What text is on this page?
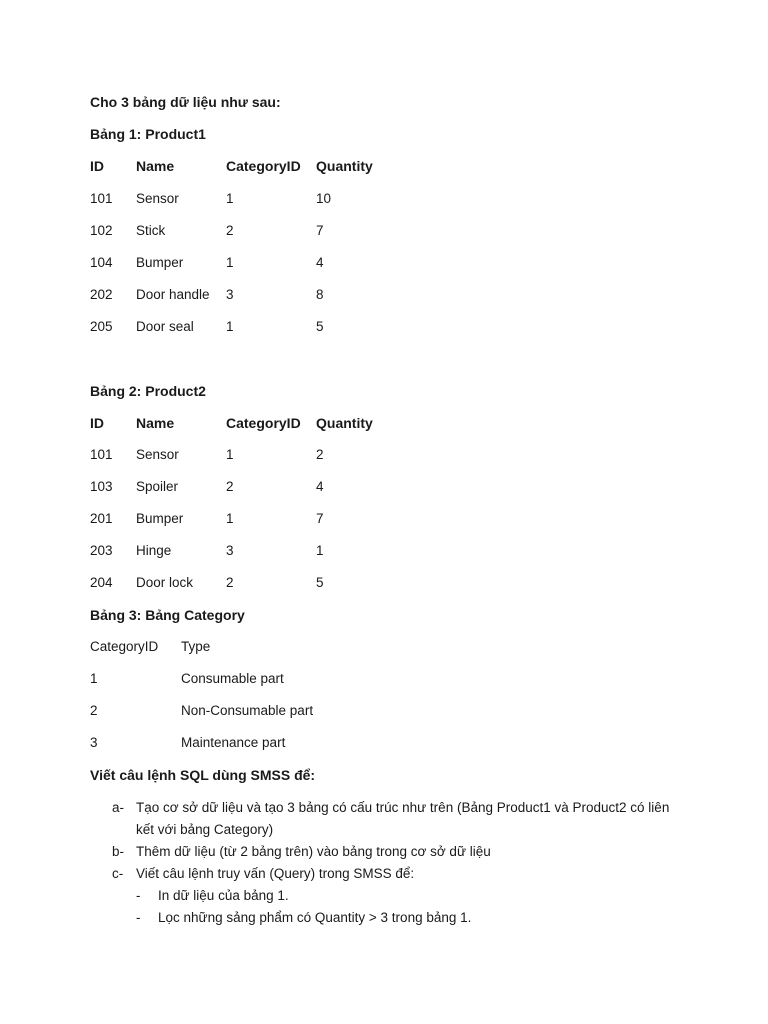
Cho 3 bảng dữ liệu như sau:
Bảng 1: Product1
ID Name	CategoryID Quantity
101 Sensor	1	10
102 Stick	2	7
104 Bumper	1	4
202 Door handle 3	8
205 Door seal 1	5
Bảng 2: Product2
ID Name	CategoryID Quantity
101 Sensor	1	2
103 Spoiler	2	4
201 Bumper	1	7
203 Hinge	3	1
204 Door lock 2	5
Bảng 3: Bảng Category
CategoryID Type
1	Consumable part
2	Non-Consumable part
3	Maintenance part
Viết câu lệnh SQL dùng SMSS để:
a- Tạo cơ sở dữ liệu và tạo 3 bảng có cấu trúc như trên (Bảng Product1 và Product2 có liên
kết với bảng Category)
b- Thêm dữ liệu (từ 2 bảng trên) vào bảng trong cơ sở dữ liệu
c- Viết câu lệnh truy vấn (Query) trong SMSS để:
- In dữ liệu của bảng 1.
- Lọc những sảng phẩm có Quantity > 3 trong bảng 1.
